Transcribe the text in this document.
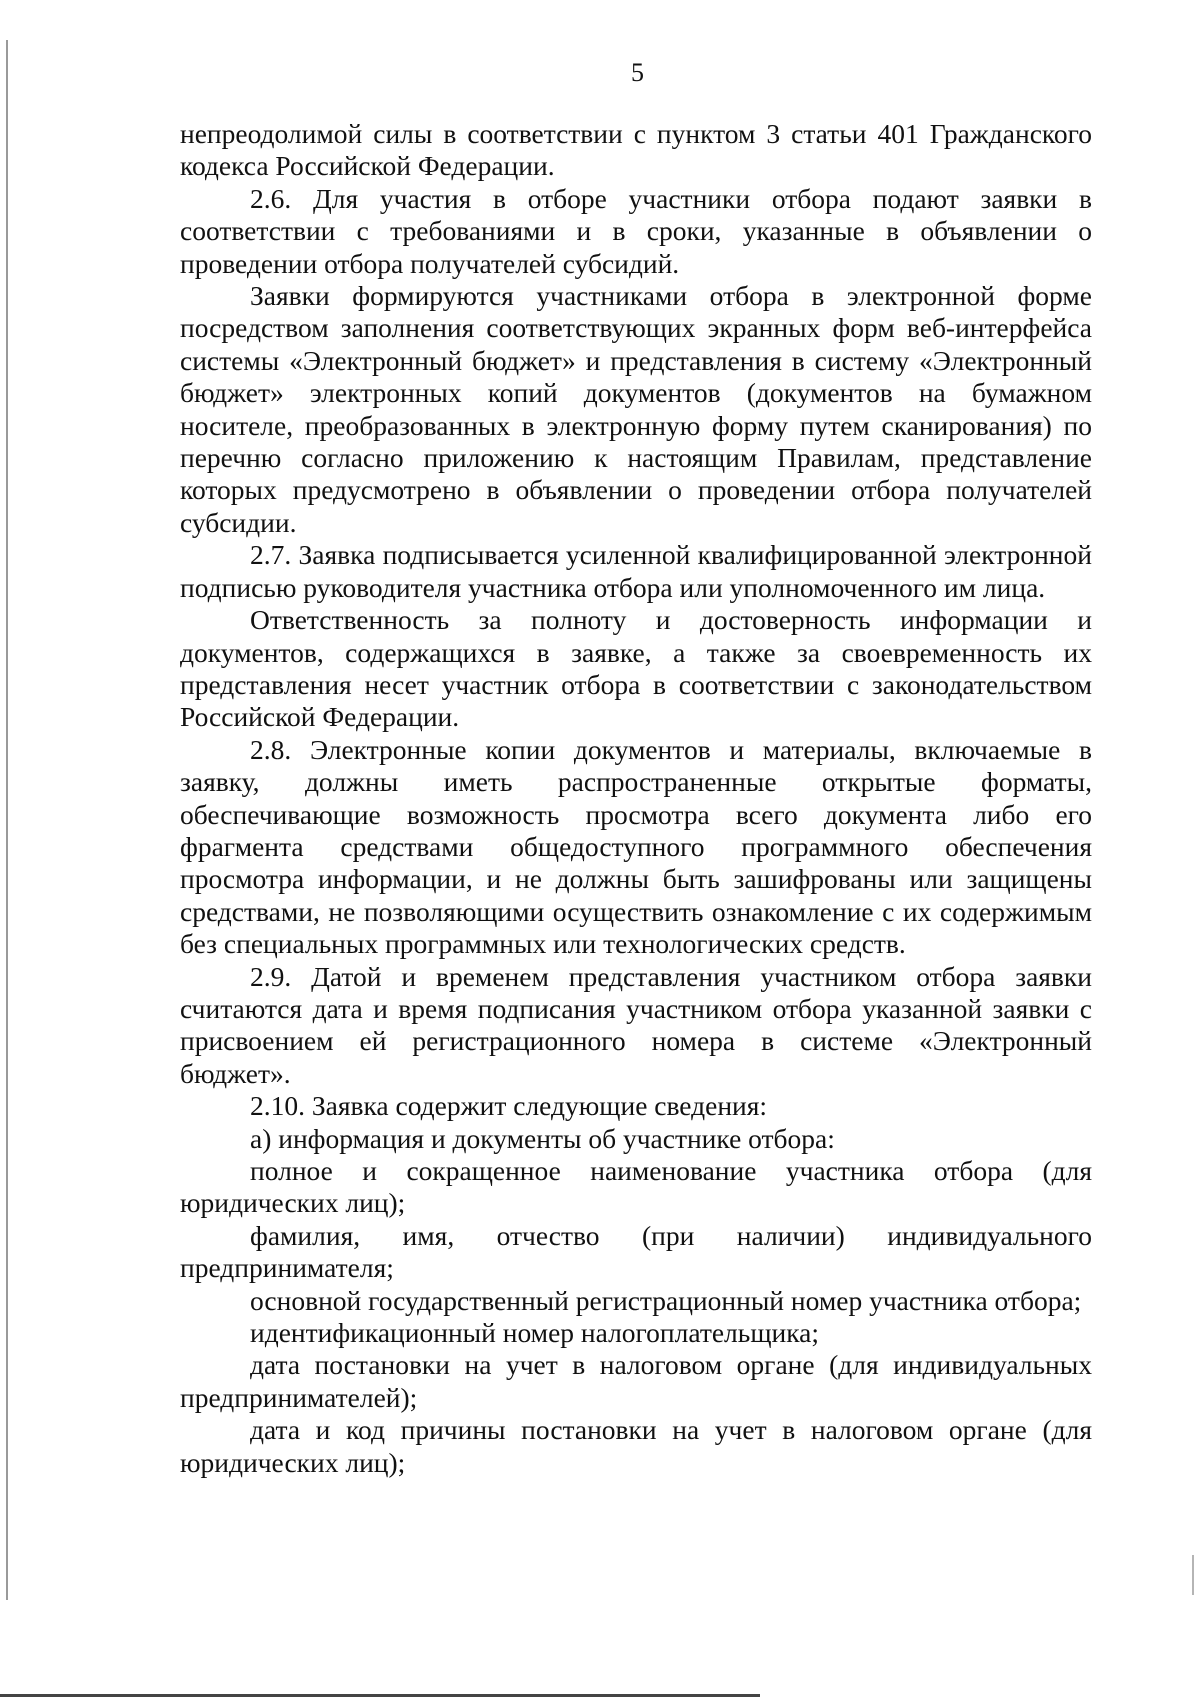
5

непреодолимой силы в соответствии с пунктом 3 статьи 401 Гражданского кодекса Российской Федерации.

2.6. Для участия в отборе участники отбора подают заявки в соответствии с требованиями и в сроки, указанные в объявлении о проведении отбора получателей субсидий.

Заявки формируются участниками отбора в электронной форме посредством заполнения соответствующих экранных форм веб-интерфейса системы «Электронный бюджет» и представления в систему «Электронный бюджет» электронных копий документов (документов на бумажном носителе, преобразованных в электронную форму путем сканирования) по перечню согласно приложению к настоящим Правилам, представление которых предусмотрено в объявлении о проведении отбора получателей субсидии.

2.7. Заявка подписывается усиленной квалифицированной электронной подписью руководителя участника отбора или уполномоченного им лица.

Ответственность за полноту и достоверность информации и документов, содержащихся в заявке, а также за своевременность их представления несет участник отбора в соответствии с законодательством Российской Федерации.

2.8. Электронные копии документов и материалы, включаемые в заявку, должны иметь распространенные открытые форматы, обеспечивающие возможность просмотра всего документа либо его фрагмента средствами общедоступного программного обеспечения просмотра информации, и не должны быть зашифрованы или защищены средствами, не позволяющими осуществить ознакомление с их содержимым без специальных программных или технологических средств.

2.9. Датой и временем представления участником отбора заявки считаются дата и время подписания участником отбора указанной заявки с присвоением ей регистрационного номера в системе «Электронный бюджет».

2.10. Заявка содержит следующие сведения:

а) информация и документы об участнике отбора:

полное и сокращенное наименование участника отбора (для юридических лиц);

фамилия, имя, отчество (при наличии) индивидуального предпринимателя;

основной государственный регистрационный номер участника отбора;

идентификационный номер налогоплательщика;

дата постановки на учет в налоговом органе (для индивидуальных предпринимателей);

дата и код причины постановки на учет в налоговом органе (для юридических лиц);
